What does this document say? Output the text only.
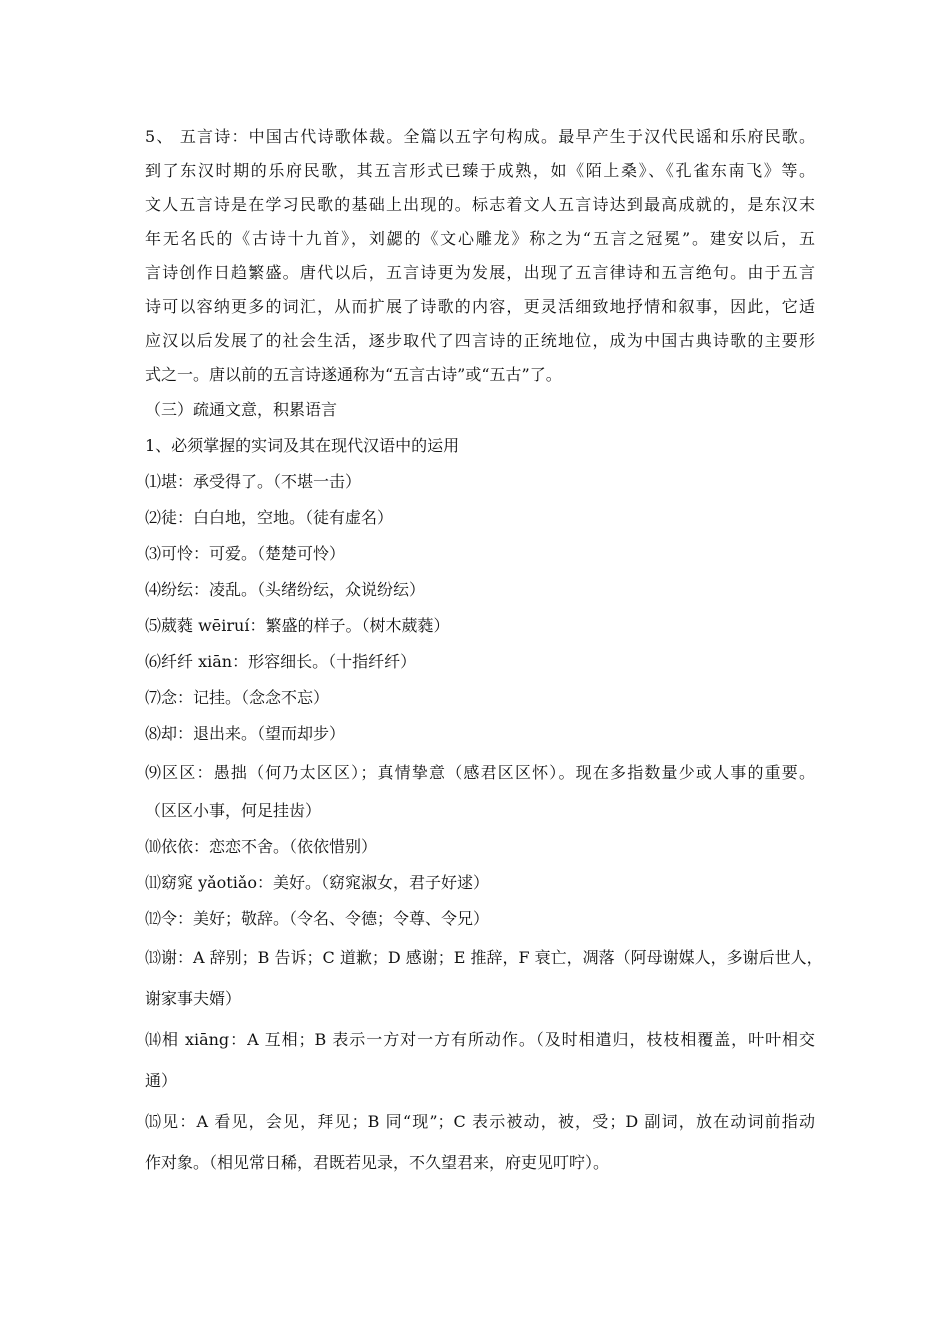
5、 五言诗：中国古代诗歌体裁。全篇以五字句构成。最早产生于汉代民谣和乐府民歌。
到了东汉时期的乐府民歌，其五言形式已臻于成熟，如《陌上桑》、《孔雀东南飞》等。
文人五言诗是在学习民歌的基础上出现的。标志着文人五言诗达到最高成就的，是东汉末
年无名氏的《古诗十九首》，刘勰的《文心雕龙》称之为“五言之冠冕”。建安以后，五
言诗创作日趋繁盛。唐代以后，五言诗更为发展，出现了五言律诗和五言绝句。由于五言
诗可以容纳更多的词汇，从而扩展了诗歌的内容，更灵活细致地抒情和叙事，因此，它适
应汉以后发展了的社会生活，逐步取代了四言诗的正统地位，成为中国古典诗歌的主要形
式之一。唐以前的五言诗遂通称为“五言古诗”或“五古”了。
（三）疏通文意，积累语言
1、必须掌握的实词及其在现代汉语中的运用
⑴堪：承受得了。（不堪一击）
⑵徒：白白地，空地。（徒有虚名）
⑶可怜：可爱。（楚楚可怜）
⑷纷纭：凌乱。（头绪纷纭，众说纷纭）
⑸葳蕤 wēiruí：繁盛的样子。（树木葳蕤）
⑹纤纤 xiān：形容细长。（十指纤纤）
⑺念：记挂。（念念不忘）
⑻却：退出来。（望而却步）
⑼区区：愚拙（何乃太区区）；真情挚意（感君区区怀）。现在多指数量少或人事的重要。
（区区小事，何足挂齿）
⑽依依：恋恋不舍。（依依惜别）
⑾窈窕 yǎotiǎo：美好。（窈窕淑女，君子好逑）
⑿令：美好；敬辞。（令名、令德；令尊、令兄）
⒀谢：A 辞别；B 告诉；C 道歉；D 感谢；E 推辞，F 衰亡，凋落（阿母谢媒人，多谢后世人，
谢家事夫婿）
⒁相 xiāng：A 互相；B 表示一方对一方有所动作。（及时相遣归，枝枝相覆盖，叶叶相交
通）
⒂见：A 看见，会见，拜见；B 同“现”；C 表示被动，被，受；D 副词，放在动词前指动
作对象。（相见常日稀，君既若见录，不久望君来，府吏见叮咛）。
